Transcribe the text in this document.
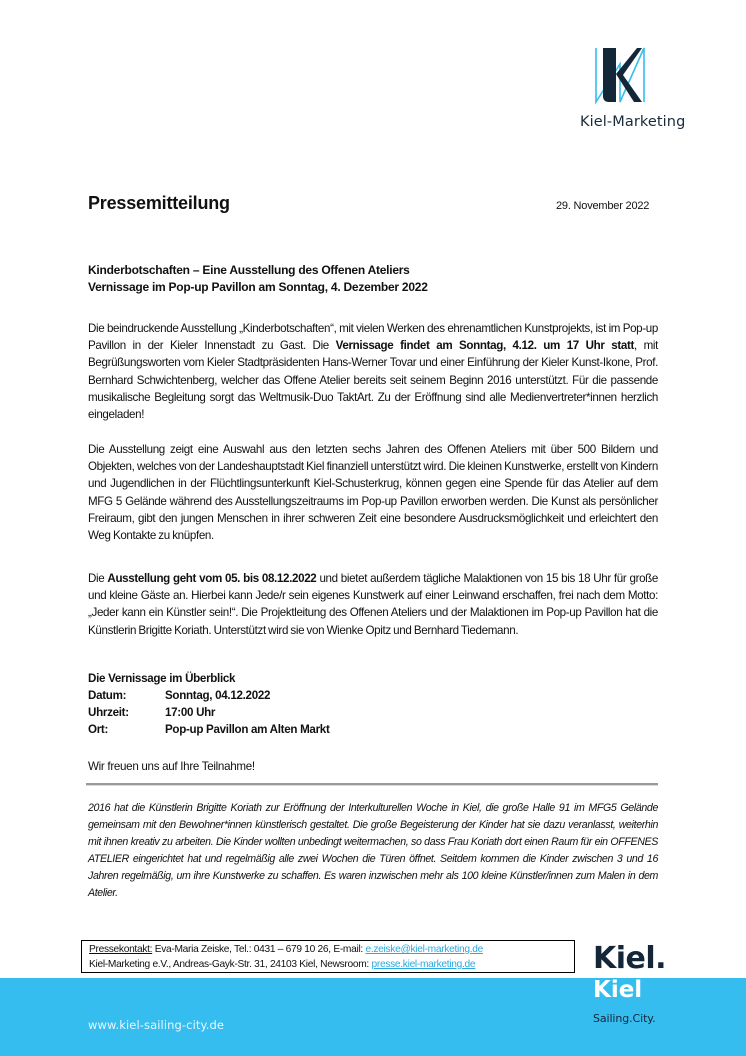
Kiel-Marketing
Pressemitteilung	29. November 2022
Kinderbotschaften – Eine Ausstellung des Offenen Ateliers
Vernissage im Pop-up Pavillon am Sonntag, 4. Dezember 2022
Die beindruckende Ausstellung „Kinderbotschaften“, mit vielen Werken des ehrenamtlichen Kunstprojekts, ist im Pop-up Pavillon in der Kieler Innenstadt zu Gast. Die Vernissage findet am Sonntag, 4.12. um 17 Uhr statt, mit Begrüßungsworten vom Kieler Stadtpräsidenten Hans-Werner Tovar und einer Einführung der Kieler Kunst-Ikone, Prof. Bernhard Schwichtenberg, welcher das Offene Atelier bereits seit seinem Beginn 2016 unterstützt. Für die passende musikalische Begleitung sorgt das Weltmusik-Duo TaktArt. Zu der Eröffnung sind alle Medienvertreter*innen herzlich eingeladen!
Die Ausstellung zeigt eine Auswahl aus den letzten sechs Jahren des Offenen Ateliers mit über 500 Bildern und Objekten, welches von der Landeshauptstadt Kiel finanziell unterstützt wird. Die kleinen Kunstwerke, erstellt von Kindern und Jugendlichen in der Flüchtlingsunterkunft Kiel-Schusterkrug, können gegen eine Spende für das Atelier auf dem MFG 5 Gelände während des Ausstellungszeitraums im Pop-up Pavillon erworben werden. Die Kunst als persönlicher Freiraum, gibt den jungen Menschen in ihrer schweren Zeit eine besondere Ausdrucksmöglichkeit und erleichtert den Weg Kontakte zu knüpfen.
Die Ausstellung geht vom 05. bis 08.12.2022 und bietet außerdem tägliche Malaktionen von 15 bis 18 Uhr für große und kleine Gäste an. Hierbei kann Jede/r sein eigenes Kunstwerk auf einer Leinwand erschaffen, frei nach dem Motto: „Jeder kann ein Künstler sein!“. Die Projektleitung des Offenen Ateliers und der Malaktionen im Pop-up Pavillon hat die Künstlerin Brigitte Koriath. Unterstützt wird sie von Wienke Opitz und Bernhard Tiedemann.
Die Vernissage im Überblick
Datum:	Sonntag, 04.12.2022
Uhrzeit:	17:00 Uhr
Ort:	Pop-up Pavillon am Alten Markt
Wir freuen uns auf Ihre Teilnahme!
2016 hat die Künstlerin Brigitte Koriath zur Eröffnung der Interkulturellen Woche in Kiel, die große Halle 91 im MFG5 Gelände gemeinsam mit den Bewohner*innen künstlerisch gestaltet. Die große Begeisterung der Kinder hat sie dazu veranlasst, weiterhin mit ihnen kreativ zu arbeiten. Die Kinder wollten unbedingt weitermachen, so dass Frau Koriath dort einen Raum für ein OFFENES ATELIER eingerichtet hat und regelmäßig alle zwei Wochen die Türen öffnet. Seitdem kommen die Kinder zwischen 3 und 16 Jahren regelmäßig, um ihre Kunstwerke zu schaffen. Es waren inzwischen mehr als 100 kleine Künstler/innen zum Malen in dem Atelier.
www.kiel-sailing-city.de
Pressekontakt: Eva-Maria Zeiske, Tel.: 0431 – 679 10 26, E-mail: e.zeiske@kiel-marketing.de
Kiel-Marketing e.V., Andreas-Gayk-Str. 31, 24103 Kiel, Newsroom: presse.kiel-marketing.de	Kiel.
Kiel
Sailing.City.
